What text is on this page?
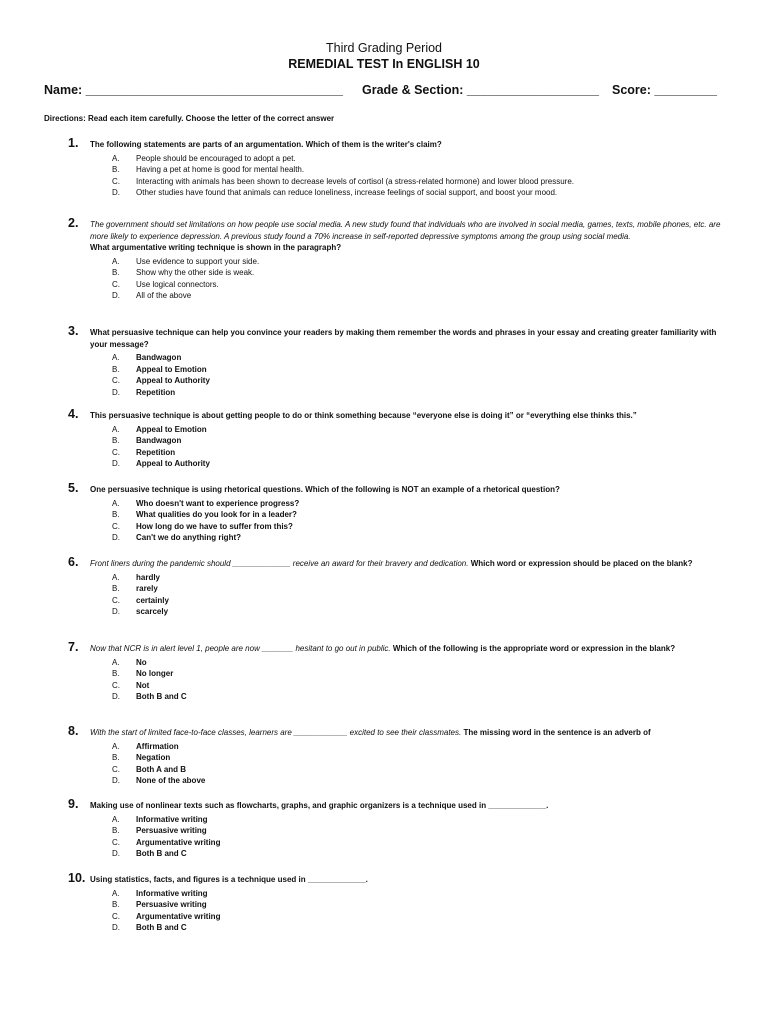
Third Grading Period
REMEDIAL TEST In ENGLISH 10
Name: _____________________________________ Grade & Section: ___________________ Score: _________
Directions: Read each item carefully. Choose the letter of the correct answer
1. The following statements are parts of an argumentation. Which of them is the writer's claim?
A. People should be encouraged to adopt a pet.
B. Having a pet at home is good for mental health.
C. Interacting with animals has been shown to decrease levels of cortisol (a stress-related hormone) and lower blood pressure.
D. Other studies have found that animals can reduce loneliness, increase feelings of social support, and boost your mood.
2. The government should set limitations on how people use social media. A new study found that individuals who are involved in social media, games, texts, mobile phones, etc. are more likely to experience depression. A previous study found a 70% increase in self-reported depressive symptoms among the group using social media.
What argumentative writing technique is shown in the paragraph?
A. Use evidence to support your side.
B. Show why the other side is weak.
C. Use logical connectors.
D. All of the above
3. What persuasive technique can help you convince your readers by making them remember the words and phrases in your essay and creating greater familiarity with your message?
A. Bandwagon
B. Appeal to Emotion
C. Appeal to Authority
D. Repetition
4. This persuasive technique is about getting people to do or think something because “everyone else is doing it” or “everything else thinks this.”
A. Appeal to Emotion
B. Bandwagon
C. Repetition
D. Appeal to Authority
5. One persuasive technique is using rhetorical questions. Which of the following is NOT an example of a rhetorical question?
A. Who doesn't want to experience progress?
B. What qualities do you look for in a leader?
C. How long do we have to suffer from this?
D. Can't we do anything right?
6. Front liners during the pandemic should _____________ receive an award for their bravery and dedication. Which word or expression should be placed on the blank?
A. hardly
B. rarely
C. certainly
D. scarcely
7. Now that NCR is in alert level 1, people are now _______ hesitant to go out in public. Which of the following is the appropriate word or expression in the blank?
A. No
B. No longer
C. Not
D. Both B and C
8. With the start of limited face-to-face classes, learners are ____________ excited to see their classmates. The missing word in the sentence is an adverb of
A. Affirmation
B. Negation
C. Both A and B
D. None of the above
9. Making use of nonlinear texts such as flowcharts, graphs, and graphic organizers is a technique used in _____________.
A. Informative writing
B. Persuasive writing
C. Argumentative writing
D. Both B and C
10. Using statistics, facts, and figures is a technique used in _____________.
A. Informative writing
B. Persuasive writing
C. Argumentative writing
D. Both B and C
